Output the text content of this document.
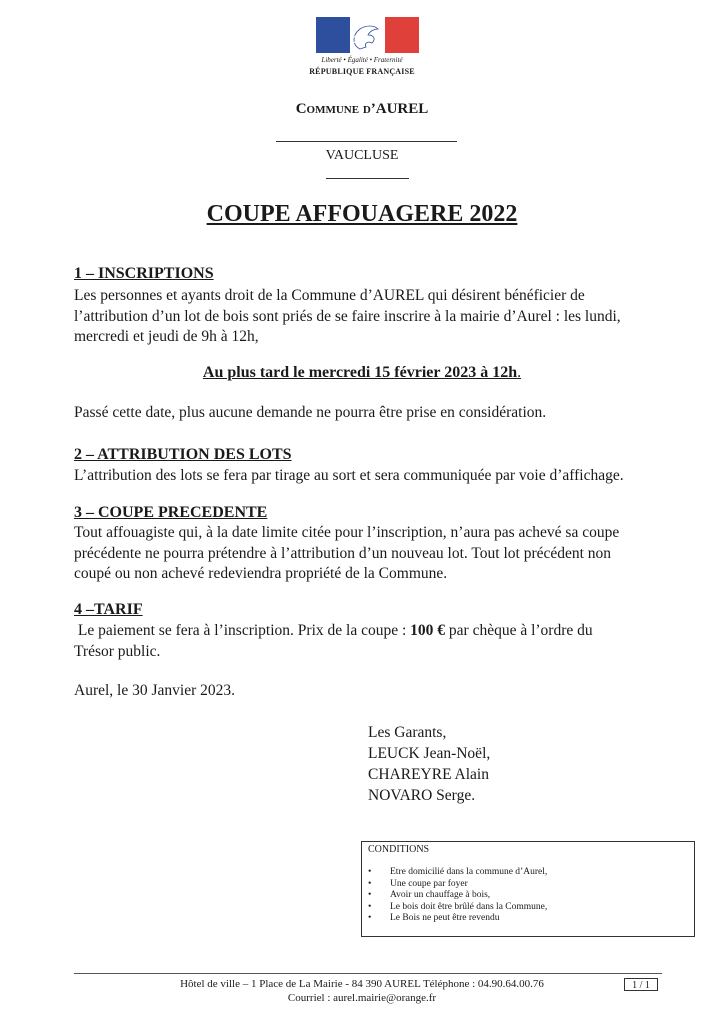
Liberté • Égalité • Fraternité
RÉPUBLIQUE FRANÇAISE
Commune d’AUREL
VAUCLUSE
COUPE AFFOUAGERE 2022
1 – INSCRIPTIONS
Les personnes et ayants droit de la Commune d’AUREL qui désirent bénéficier de
l’attribution d’un lot de bois sont priés de se faire inscrire à la mairie d’Aurel : les lundi,
mercredi et jeudi de 9h à 12h,
Au plus tard le mercredi 15 février 2023 à 12h.
Passé cette date, plus aucune demande ne pourra être prise en considération.
2 – ATTRIBUTION DES LOTS
L’attribution des lots se fera par tirage au sort et sera communiquée par voie d’affichage.
3 – COUPE PRECEDENTE
Tout affouagiste qui, à la date limite citée pour l’inscription, n’aura pas achevé sa coupe
précédente ne pourra prétendre à l’attribution d’un nouveau lot. Tout lot précédent non
coupé ou non achevé redeviendra propriété de la Commune.
4 –TARIF
Le paiement se fera à l’inscription. Prix de la coupe : 100 € par chèque à l’ordre du
Trésor public.
Aurel, le 30 Janvier 2023.
Les Garants,
LEUCK Jean-Noël,
CHAREYRE Alain
NOVARO Serge.
CONDITIONS
• Etre domicilié dans la commune d’Aurel,
• Une coupe par foyer
• Avoir un chauffage à bois,
• Le bois doit être brûlé dans la Commune,
• Le Bois ne peut être revendu
Hôtel de ville – 1 Place de La Mairie - 84 390 AUREL Téléphone : 04.90.64.00.76
Courriel : aurel.mairie@orange.fr
1 / 1
